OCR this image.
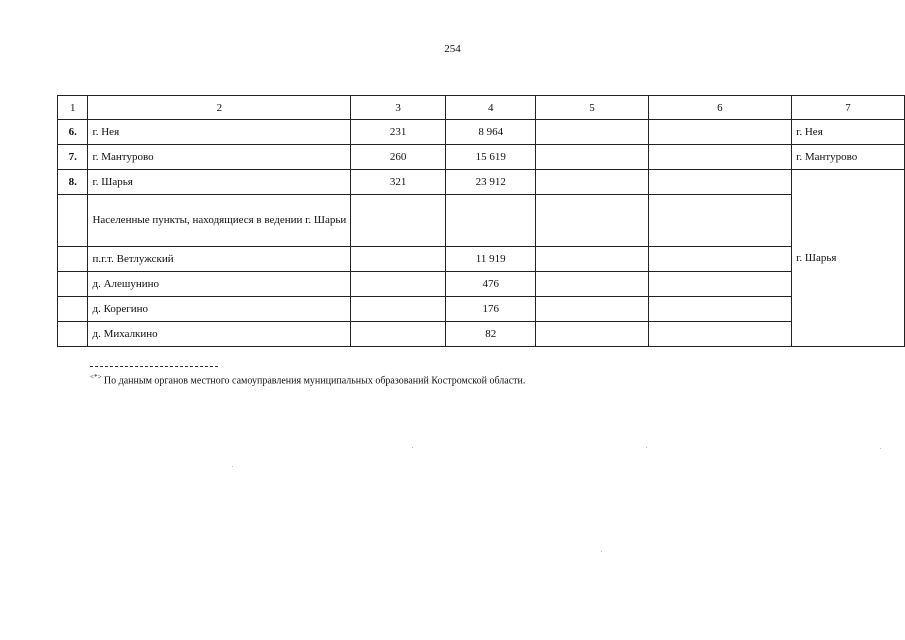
254
1	2	3	4	5	6	7
6.	г. Нея	231	8 964			г. Нея
7.	г. Мантурово	260	15 619			г. Мантурово
8.	г. Шарья	321	23 912			г. Шарья
	Населенные пункты, находящиеся в ведении г. Шарьи					
	п.г.т. Ветлужский		11 919			
	д. Алешунино		476			
	д. Корегино		176			
	д. Михалкино		82			
<*> По данным органов местного самоуправления муниципальных образований Костромской области.
